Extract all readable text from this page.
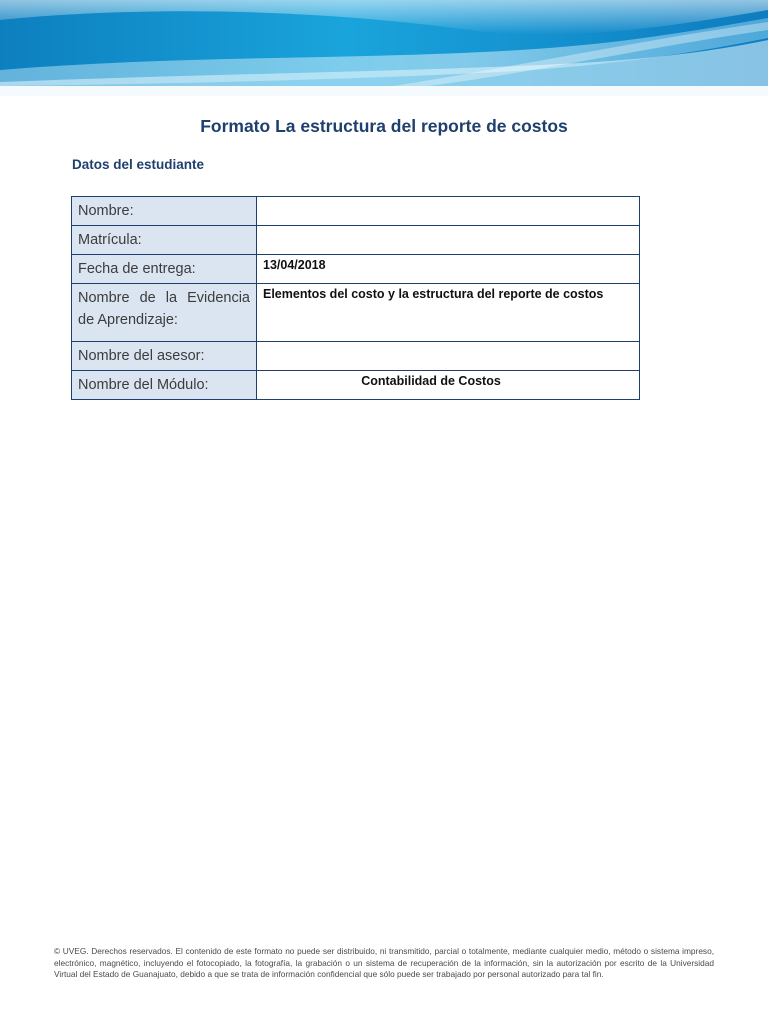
Formato La estructura del reporte de costos
Datos del estudiante
Nombre:	
Matrícula:	
Fecha de entrega:	13/04/2018
Nombre de la Evidencia de Aprendizaje:	Elementos del costo y la estructura del reporte de costos
Nombre del asesor:	
Nombre del Módulo:	Contabilidad de Costos

© UVEG. Derechos reservados. El contenido de este formato no puede ser distribuido, ni transmitido, parcial o totalmente, mediante cualquier medio, método o sistema impreso, electrónico, magnético, incluyendo el fotocopiado, la fotografía, la grabación o un sistema de recuperación de la información, sin la autorización por escrito de la Universidad Virtual del Estado de Guanajuato, debido a que se trata de información confidencial que sólo puede ser trabajado por personal autorizado para tal fin.
